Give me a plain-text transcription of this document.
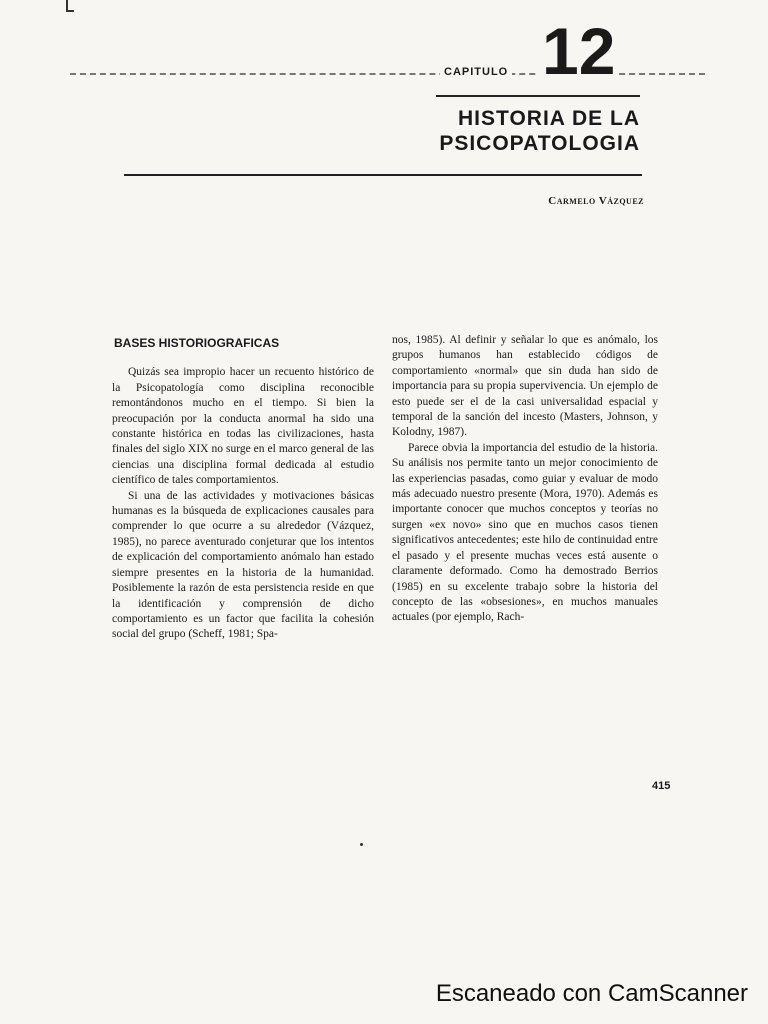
CAPITULO 12
HISTORIA DE LA
PSICOPATOLOGIA
Carmelo Vázquez
BASES HISTORIOGRAFICAS

Quizás sea impropio hacer un recuento histórico de la Psicopatología como disciplina reconocible remontándonos mucho en el tiempo. Si bien la preocupación por la conducta anormal ha sido una constante histórica en todas las civilizaciones, hasta finales del siglo XIX no surge en el marco general de las ciencias una disciplina formal dedicada al estudio científico de tales comportamientos.

Si una de las actividades y motivaciones básicas humanas es la búsqueda de explicaciones causales para comprender lo que ocurre a su alrededor (Vázquez, 1985), no parece aventurado conjeturar que los intentos de explicación del comportamiento anómalo han estado siempre presentes en la historia de la humanidad. Posiblemente la razón de esta persistencia reside en que la identificación y comprensión de dicho comportamiento es un factor que facilita la cohesión social del grupo (Scheff, 1981; Spa-

nos, 1985). Al definir y señalar lo que es anómalo, los grupos humanos han establecido códigos de comportamiento «normal» que sin duda han sido de importancia para su propia supervivencia. Un ejemplo de esto puede ser el de la casi universalidad espacial y temporal de la sanción del incesto (Masters, Johnson, y Kolodny, 1987).

Parece obvia la importancia del estudio de la historia. Su análisis nos permite tanto un mejor conocimiento de las experiencias pasadas, como guiar y evaluar de modo más adecuado nuestro presente (Mora, 1970). Además es importante conocer que muchos conceptos y teorías no surgen «ex novo» sino que en muchos casos tienen significativos antecedentes; este hilo de continuidad entre el pasado y el presente muchas veces está ausente o claramente deformado. Como ha demostrado Berrios (1985) en su excelente trabajo sobre la historia del concepto de las «obsesiones», en muchos manuales actuales (por ejemplo, Rach-

415
Escaneado con CamScanner
